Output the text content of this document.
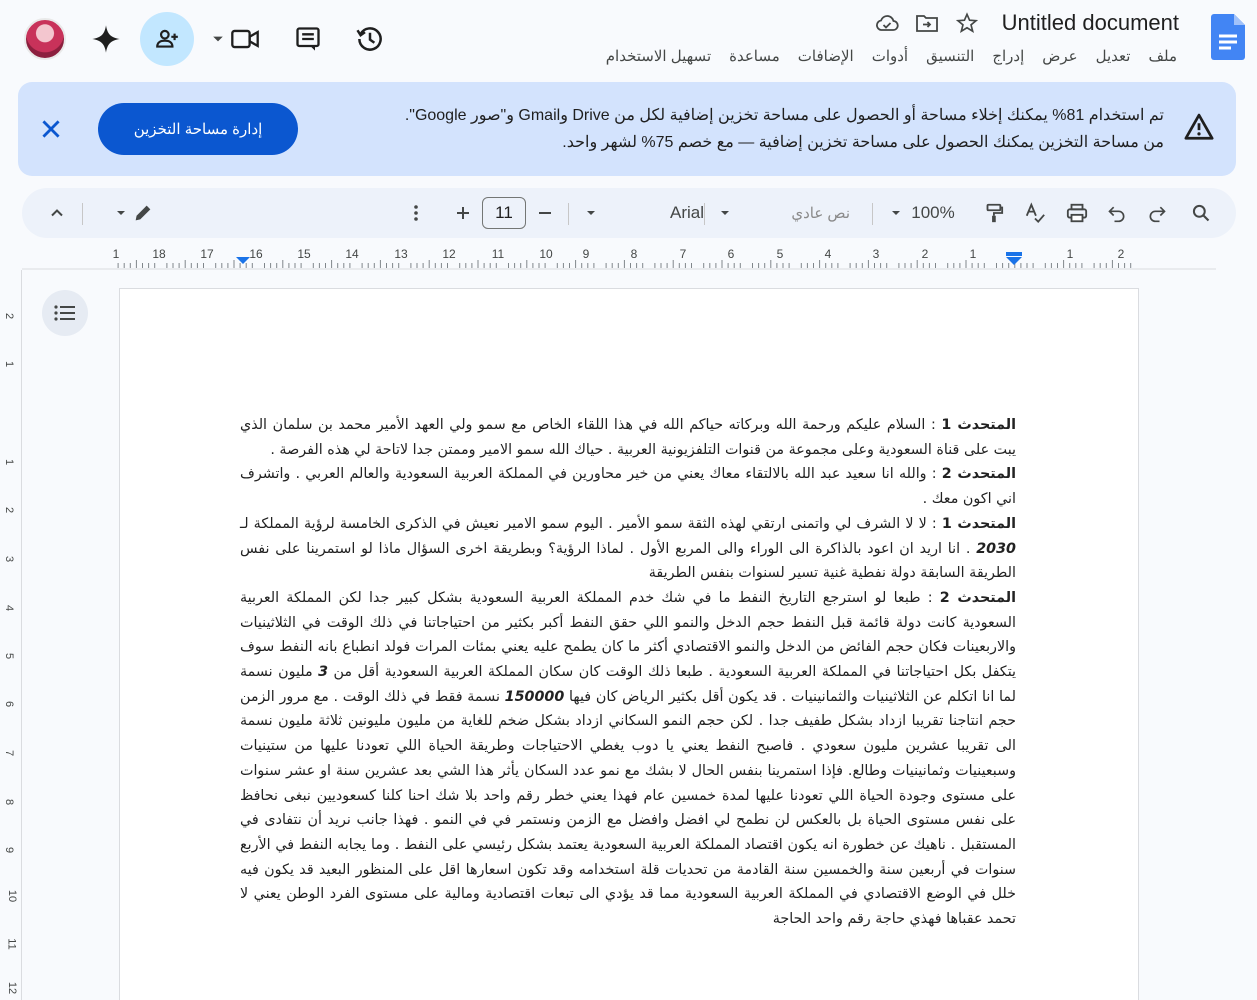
Untitled document
ملف
تعديل
عرض
إدراج
التنسيق
أدوات
الإضافات
مساعدة
تسهيل الاستخدام
تم استخدام 81% يمكنك إخلاء مساحة أو الحصول على مساحة تخزين إضافية لكل من Drive وGmail و"صور Google".
من مساحة التخزين يمكنك الحصول على مساحة تخزين إضافية — مع خصم 75% لشهر واحد.
إدارة مساحة التخزين
11	Arial	نص عادي	100%
2
1
1
2
3
4
5
6
7
8
9
10
11
12
13
14
15
16
17
18
1
2
1
1
2
3
4
5
6
7
8
9
10
11
12

المتحدث 1 : السلام عليكم ورحمة الله وبركاته حياكم الله في هذا اللقاء الخاص مع سمو ولي العهد الأمير محمد بن سلمان الذي يبت على قناة السعودية وعلى مجموعة من قنوات التلفزيونية العربية . حياك الله سمو الامير وممتن جدا لاتاحة لي هذه الفرصة .

المتحدث 2 : والله انا سعيد عبد الله بالالتقاء معاك يعني من خير محاورين في المملكة العربية السعودية والعالم العربي . واتشرف اني اكون معك .

المتحدث 1 : لا لا الشرف لي واتمنى ارتقي لهذه الثقة سمو الأمير . اليوم سمو الامير نعيش في الذكرى الخامسة لرؤية المملكة لـ 2030 . انا اريد ان اعود بالذاكرة الى الوراء والى المربع الأول . لماذا الرؤية؟ وبطريقة اخرى السؤال ماذا لو استمرينا على نفس الطريقة السابقة دولة نفطية غنية تسير لسنوات بنفس الطريقة

المتحدث 2 : طبعا لو استرجع التاريخ النفط ما في شك خدم المملكة العربية السعودية بشكل كبير جدا لكن المملكة العربية السعودية كانت دولة قائمة قبل النفط حجم الدخل والنمو اللي حقق النفط أكبر بكثير من احتياجاتنا في ذلك الوقت في الثلاثينيات والاربعينات فكان حجم الفائض من الدخل والنمو الاقتصادي أكثر ما كان يطمح عليه يعني بمئات المرات فولد انطباع بانه النفط سوف يتكفل بكل احتياجاتنا في المملكة العربية السعودية . طبعا ذلك الوقت كان سكان المملكة العربية السعودية أقل من 3 مليون نسمة لما انا اتكلم عن الثلاثينيات والثمانينيات . قد يكون أقل بكثير الرياض كان فيها 150000 نسمة فقط في ذلك الوقت . مع مرور الزمن حجم انتاجنا تقريبا ازداد بشكل طفيف جدا . لكن حجم النمو السكاني ازداد بشكل ضخم للغاية من مليون مليونين ثلاثة مليون نسمة الى تقريبا عشرين مليون سعودي . فاصبح النفط يعني يا دوب يغطي الاحتياجات وطريقة الحياة اللي تعودنا عليها من ستينيات وسبعينيات وثمانينيات وطالع. فإذا استمرينا بنفس الحال لا بشك مع نمو عدد السكان يأثر هذا الشي بعد عشرين سنة او عشر سنوات على مستوى وجودة الحياة اللي تعودنا عليها لمدة خمسين عام فهذا يعني خطر رقم واحد بلا شك احنا كلنا كسعوديين نبغى نحافظ على نفس مستوى الحياة بل بالعكس لن نطمح لي افضل وافضل مع الزمن ونستمر في في النمو . فهذا جانب نريد أن نتفادى في المستقبل . ناهيك عن خطورة انه يكون اقتصاد المملكة العربية السعودية يعتمد بشكل رئيسي على النفط . وما يجابه النفط في الأربع سنوات في أربعين سنة والخمسين سنة القادمة من تحديات قلة استخدامه وقد تكون اسعارها اقل على المنظور البعيد قد يكون فيه خلل في الوضع الاقتصادي في المملكة العربية السعودية مما قد يؤدي الى تبعات اقتصادية ومالية على مستوى الفرد الوطن يعني لا تحمد عقباها فهذي حاجة رقم واحد الحاجة
